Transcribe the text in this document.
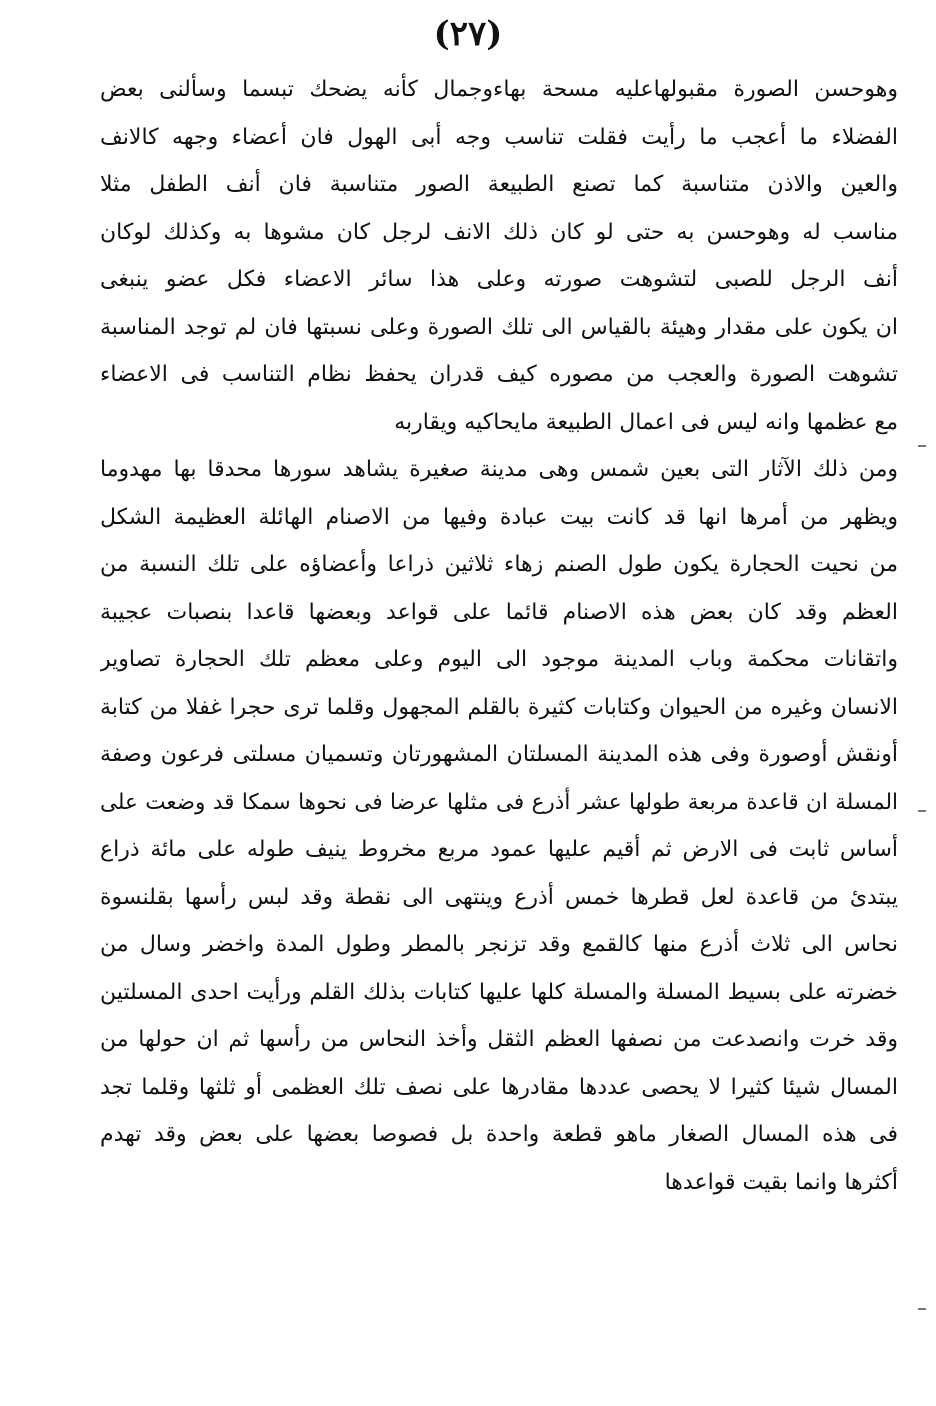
(٢٧)
وهوحسن الصورة مقبولهاعليه مسحة بهاءوجمال كأنه يضحك تبسما وسألنى بعض
الفضلاء ما أعجب ما رأيت فقلت تناسب وجه أبى الهول فان أعضاء وجهه كالانف
والعين والاذن متناسبة كما تصنع الطبيعة الصور متناسبة فان أنف الطفل مثلا
مناسب له وهوحسن به حتى لو كان ذلك الانف لرجل كان مشوها به وكذلك لوكان
أنف الرجل للصبى لتشوهت صورته وعلى هذا سائر الاعضاء فكل عضو ينبغى
ان يكون على مقدار وهيئة بالقياس الى تلك الصورة وعلى نسبتها فان لم توجد المناسبة
تشوهت الصورة والعجب من مصوره كيف قدران يحفظ نظام التناسب فى الاعضاء
مع عظمها وانه ليس فى اعمال الطبيعة مايحاكيه ويقاربه
ومن ذلك الآثار التى بعين شمس وهى مدينة صغيرة يشاهد سورها محدقا بها مهدوما
ويظهر من أمرها انها قد كانت بيت عبادة وفيها من الاصنام الهائلة العظيمة الشكل
من نحيت الحجارة يكون طول الصنم زهاء ثلاثين ذراعا وأعضاؤه على تلك النسبة من
العظم وقد كان بعض هذه الاصنام قائما على قواعد وبعضها قاعدا بنصبات عجيبة
واتقانات محكمة وباب المدينة موجود الى اليوم وعلى معظم تلك الحجارة تصاوير
الانسان وغيره من الحيوان وكتابات كثيرة بالقلم المجهول وقلما ترى حجرا غفلا من كتابة
أونقش أوصورة وفى هذه المدينة المسلتان المشهورتان وتسميان مسلتى فرعون وصفة
المسلة ان قاعدة مربعة طولها عشر أذرع فى مثلها عرضا فى نحوها سمكا قد وضعت على
أساس ثابت فى الارض ثم أقيم عليها عمود مربع مخروط ينيف طوله على مائة ذراع
يبتدئ من قاعدة لعل قطرها خمس أذرع وينتهى الى نقطة وقد لبس رأسها بقلنسوة
نحاس الى ثلاث أذرع منها كالقمع وقد تزنجر بالمطر وطول المدة واخضر وسال من
خضرته على بسيط المسلة والمسلة كلها عليها كتابات بذلك القلم ورأيت احدى المسلتين
وقد خرت وانصدعت من نصفها العظم الثقل وأخذ النحاس من رأسها ثم ان حولها من
المسال شيئا كثيرا لا يحصى عددها مقادرها على نصف تلك العظمى أو ثلثها وقلما تجد
فى هذه المسال الصغار ماهو قطعة واحدة بل فصوصا بعضها على بعض وقد تهدم
أكثرها وانما بقيت قواعدها
